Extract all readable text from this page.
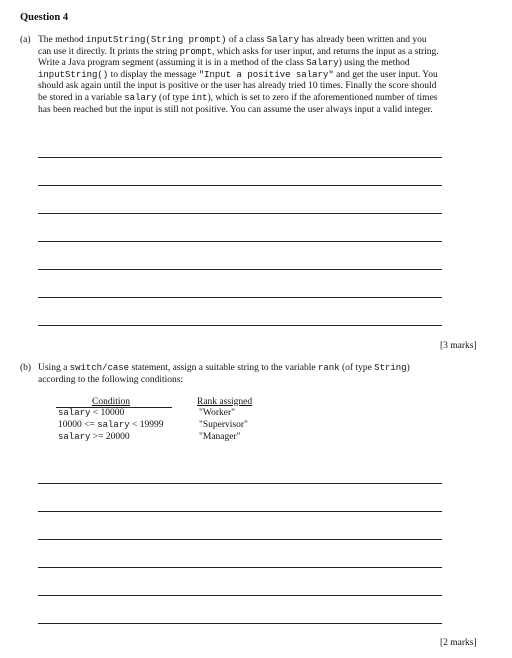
Question 4
(a) The method inputString(String prompt) of a class Salary has already been written and you can use it directly. It prints the string prompt, which asks for user input, and returns the input as a string. Write a Java program segment (assuming it is in a method of the class Salary) using the method inputString() to display the message "Input a positive salary" and get the user input. You should ask again until the input is positive or the user has already tried 10 times. Finally the score should be stored in a variable salary (of type int), which is set to zero if the aforementioned number of times has been reached but the input is still not positive. You can assume the user always input a valid integer.

[3 marks]
(b) Using a switch/case statement, assign a suitable string to the variable rank (of type String) according to the following conditions:

Condition	Rank assigned
salary < 10000	"Worker"
10000 <= salary < 19999	"Supervisor"
salary >= 20000	"Manager"
[2 marks]
